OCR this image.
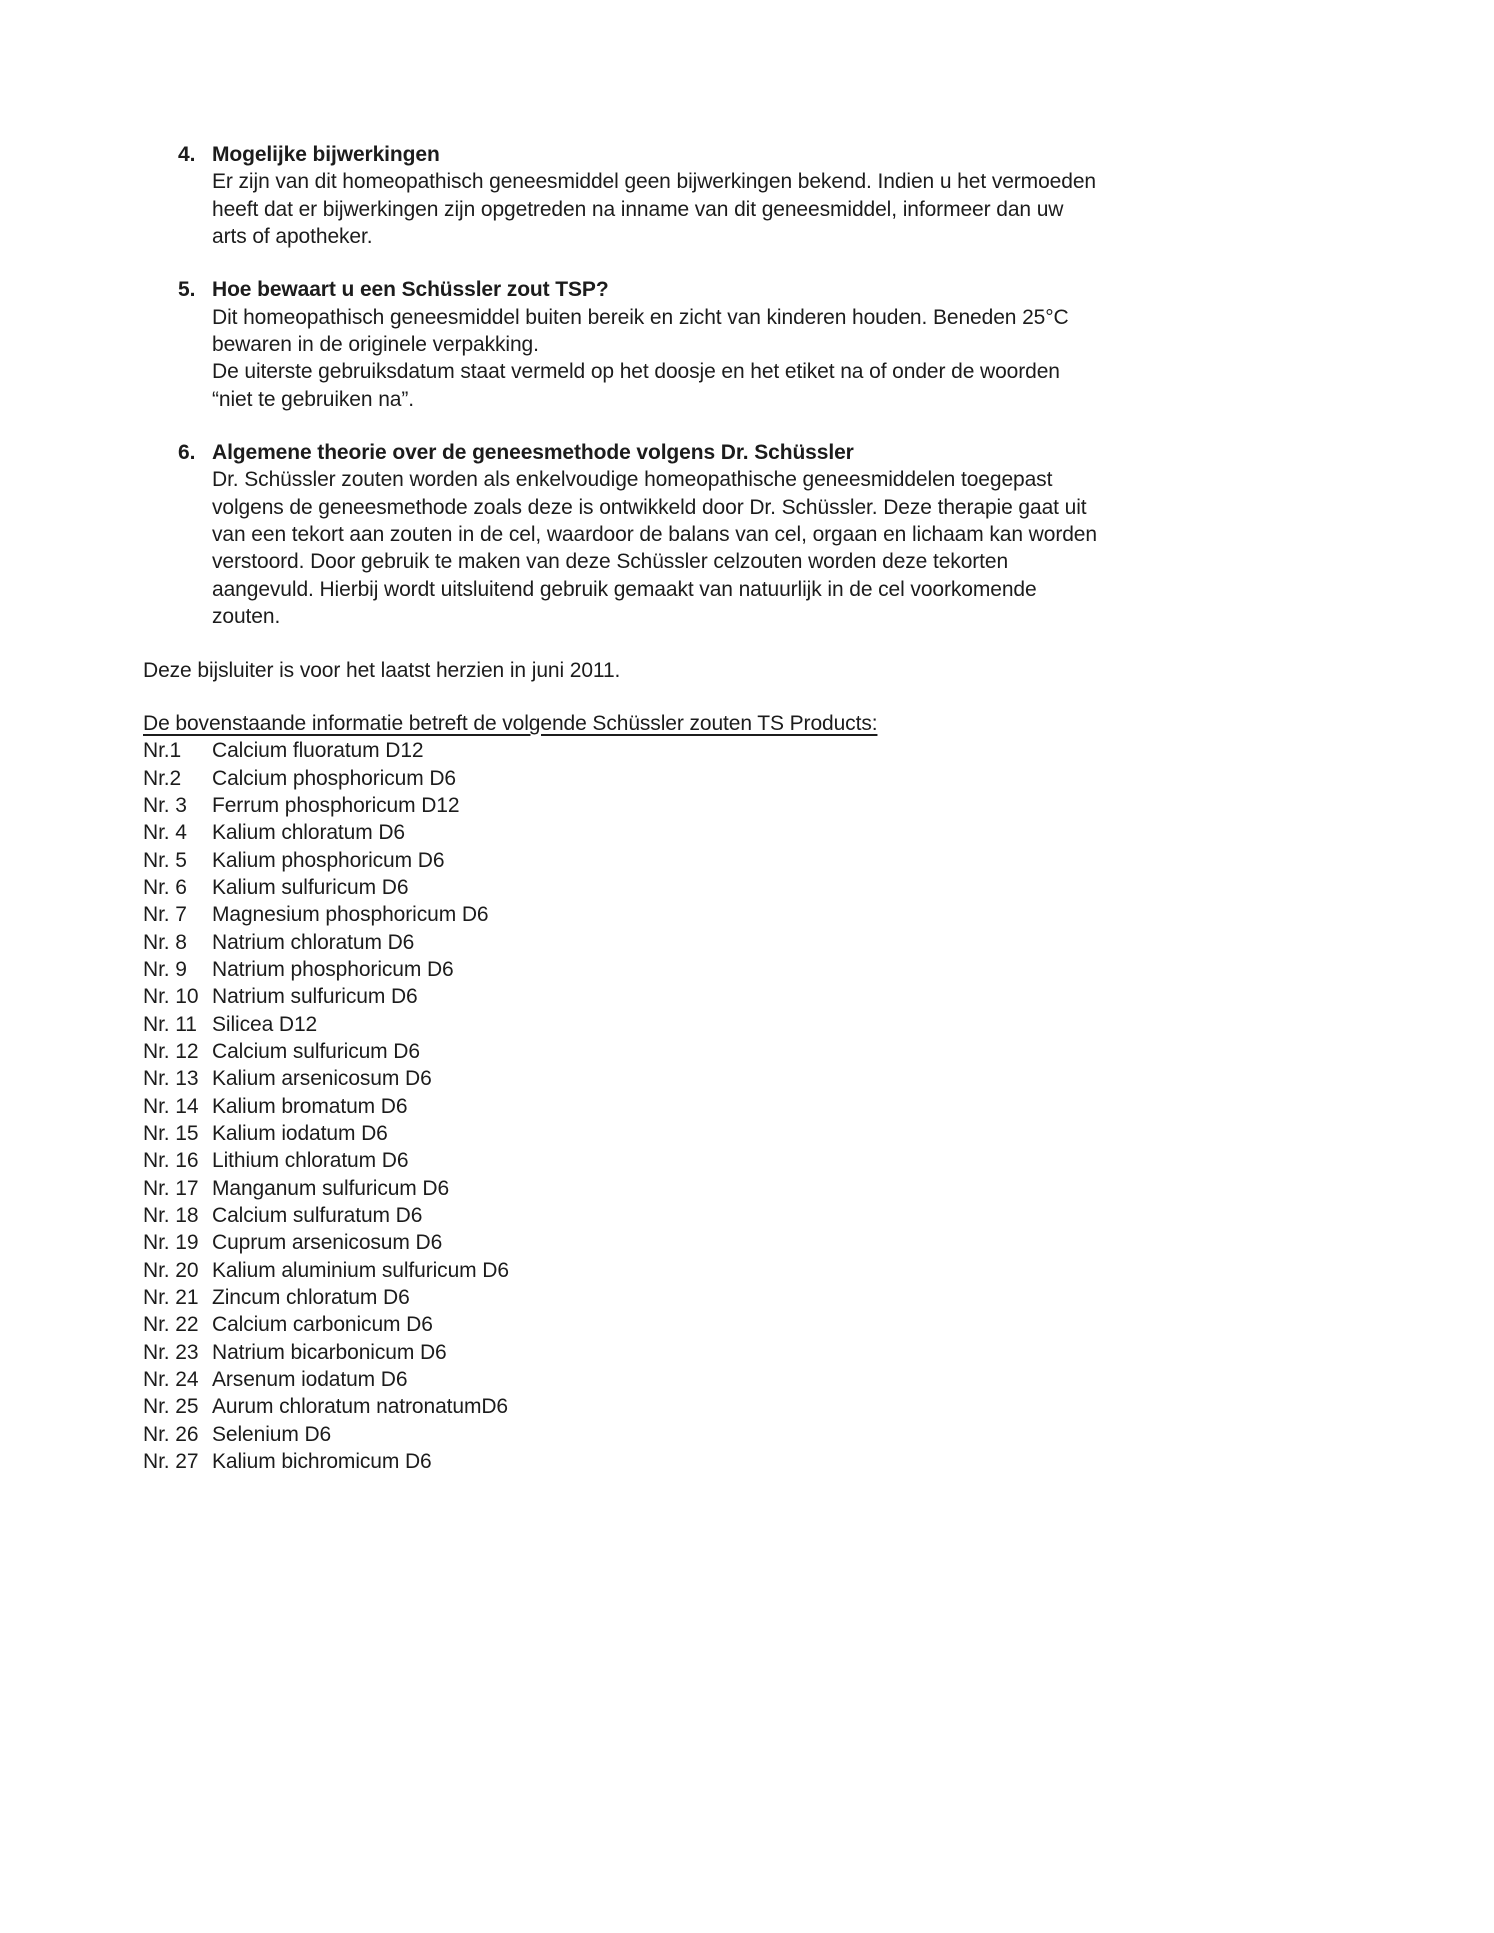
4. Mogelijke bijwerkingen
Er zijn van dit homeopathisch geneesmiddel geen bijwerkingen bekend. Indien u het vermoeden
heeft dat er bijwerkingen zijn opgetreden na inname van dit geneesmiddel, informeer dan uw
arts of apotheker.
5. Hoe bewaart u een Schüssler zout TSP?
Dit homeopathisch geneesmiddel buiten bereik en zicht van kinderen houden. Beneden 25°C
bewaren in de originele verpakking.
De uiterste gebruiksdatum staat vermeld op het doosje en het etiket na of onder de woorden
“niet te gebruiken na”.
6. Algemene theorie over de geneesmethode volgens Dr. Schüssler
Dr. Schüssler zouten worden als enkelvoudige homeopathische geneesmiddelen toegepast
volgens de geneesmethode zoals deze is ontwikkeld door Dr. Schüssler. Deze therapie gaat uit
van een tekort aan zouten in de cel, waardoor de balans van cel, orgaan en lichaam kan worden
verstoord. Door gebruik te maken van deze Schüssler celzouten worden deze tekorten
aangevuld. Hierbij wordt uitsluitend gebruik gemaakt van natuurlijk in de cel voorkomende
zouten.
Deze bijsluiter is voor het laatst herzien in juni 2011.
De bovenstaande informatie betreft de volgende Schüssler zouten TS Products:
Nr.1	Calcium fluoratum D12
Nr.2	Calcium phosphoricum D6
Nr. 3	Ferrum phosphoricum D12
Nr. 4	Kalium chloratum D6
Nr. 5	Kalium phosphoricum D6
Nr. 6	Kalium sulfuricum D6
Nr. 7	Magnesium phosphoricum D6
Nr. 8	Natrium chloratum D6
Nr. 9	Natrium phosphoricum D6
Nr. 10 Natrium sulfuricum D6
Nr. 11 Silicea D12
Nr. 12 Calcium sulfuricum D6
Nr. 13 Kalium arsenicosum D6
Nr. 14 Kalium bromatum D6
Nr. 15 Kalium iodatum D6
Nr. 16 Lithium chloratum D6
Nr. 17 Manganum sulfuricum D6
Nr. 18 Calcium sulfuratum D6
Nr. 19 Cuprum arsenicosum D6
Nr. 20 Kalium aluminium sulfuricum D6
Nr. 21 Zincum chloratum D6
Nr. 22 Calcium carbonicum D6
Nr. 23 Natrium bicarbonicum D6
Nr. 24 Arsenum iodatum D6
Nr. 25 Aurum chloratum natronatumD6
Nr. 26 Selenium D6
Nr. 27 Kalium bichromicum D6
